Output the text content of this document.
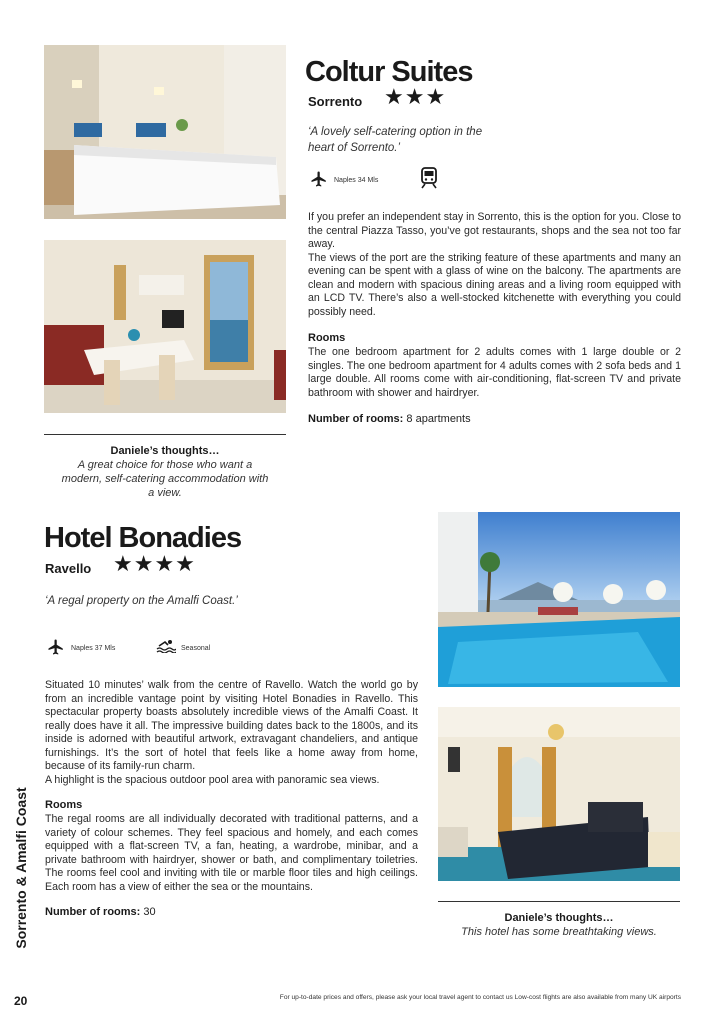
Coltur Suites
Sorrento ★★★
‘A lovely self-catering option in the heart of Sorrento.’
Naples 34 Mls

If you prefer an independent stay in Sorrento, this is the option for you. Close to the central Piazza Tasso, you’ve got restaurants, shops and the sea not too far away.

The views of the port are the striking feature of these apartments and many an evening can be spent with a glass of wine on the balcony. The apartments are clean and modern with spacious dining areas and a living room equipped with an LCD TV. There’s also a well-stocked kitchenette with everything you could possibly need.

Rooms
The one bedroom apartment for 2 adults comes with 1 large double or 2 singles. The one bedroom apartment for 4 adults comes with 2 sofa beds and 1 large double. All rooms come with air-conditioning, flat-screen TV and private bathroom with shower and hairdryer.
Number of rooms: 8 apartments
Daniele’s thoughts…
A great choice for those who want a modern, self-catering accommodation with a view.
Hotel Bonadies
Ravello ★★★★
‘A regal property on the Amalfi Coast.’
Naples 37 Mls	Seasonal

Situated 10 minutes’ walk from the centre of Ravello. Watch the world go by from an incredible vantage point by visiting Hotel Bonadies in Ravello. This spectacular property boasts absolutely incredible views of the Amalfi Coast. It really does have it all. The impressive building dates back to the 1800s, and its inside is adorned with beautiful artwork, extravagant chandeliers, and antique furnishings. It’s the sort of hotel that feels like a home away from home, because of its family-run charm.

A highlight is the spacious outdoor pool area with panoramic sea views.

Rooms
The regal rooms are all individually decorated with traditional patterns, and a variety of colour schemes. They feel spacious and homely, and each comes equipped with a flat-screen TV, a fan, heating, a wardrobe, minibar, and a private bathroom with hairdryer, shower or bath, and complimentary toiletries. The rooms feel cool and inviting with tile or marble floor tiles and high ceilings. Each room has a view of either the sea or the mountains.
Number of rooms: 30	Daniele’s thoughts…
This hotel has some breathtaking views.
Sorrento & Amalfi Coast
20	For up-to-date prices and offers, please ask your local travel agent to contact us Low-cost flights are also available from many UK airports
